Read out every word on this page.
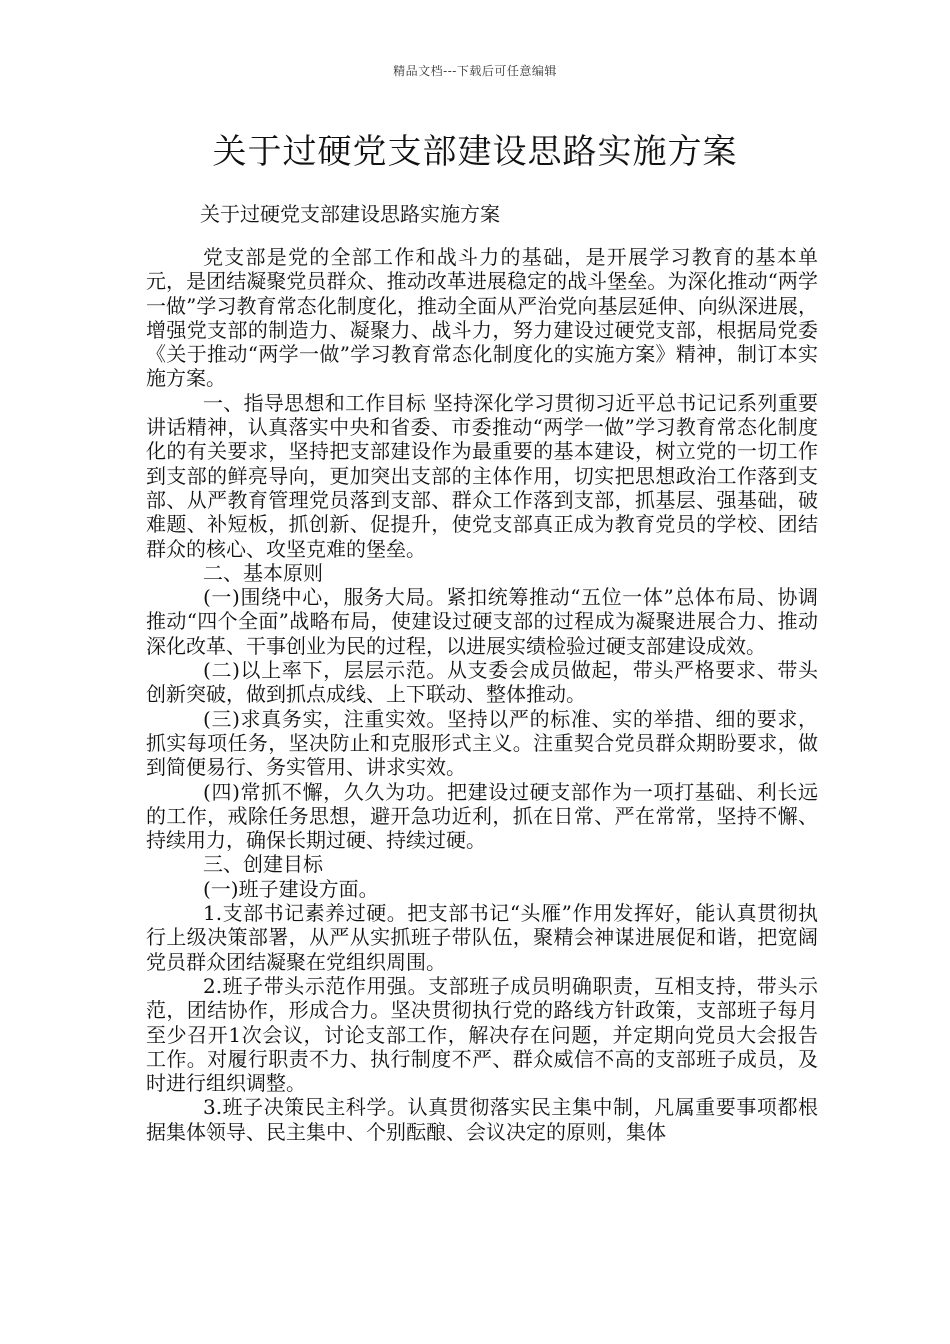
精品文档---下载后可任意编辑
关于过硬党支部建设思路实施方案

关于过硬党支部建设思路实施方案

党支部是党的全部工作和战斗力的基础，是开展学习教育的基本单元，是团结凝聚党员群众、推动改革进展稳定的战斗堡垒。为深化推动“两学一做”学习教育常态化制度化，推动全面从严治党向基层延伸、向纵深进展，增强党支部的制造力、凝聚力、战斗力，努力建设过硬党支部，根据局党委《关于推动“两学一做”学习教育常态化制度化的实施方案》精神，制订本实施方案。

一、指导思想和工作目标 坚持深化学习贯彻习近平总书记记系列重要讲话精神，认真落实中央和省委、市委推动“两学一做”学习教育常态化制度化的有关要求，坚持把支部建设作为最重要的基本建设，树立党的一切工作到支部的鲜亮导向，更加突出支部的主体作用，切实把思想政治工作落到支部、从严教育管理党员落到支部、群众工作落到支部，抓基层、强基础，破难题、补短板，抓创新、促提升，使党支部真正成为教育党员的学校、团结群众的核心、攻坚克难的堡垒。

二、基本原则

(一)围绕中心，服务大局。紧扣统筹推动“五位一体”总体布局、协调推动“四个全面”战略布局，使建设过硬支部的过程成为凝聚进展合力、推动深化改革、干事创业为民的过程，以进展实绩检验过硬支部建设成效。

(二)以上率下，层层示范。从支委会成员做起，带头严格要求、带头创新突破，做到抓点成线、上下联动、整体推动。

(三)求真务实，注重实效。坚持以严的标准、实的举措、细的要求，抓实每项任务，坚决防止和克服形式主义。注重契合党员群众期盼要求，做到简便易行、务实管用、讲求实效。

(四)常抓不懈，久久为功。把建设过硬支部作为一项打基础、利长远的工作，戒除任务思想，避开急功近利，抓在日常、严在常常，坚持不懈、持续用力，确保长期过硬、持续过硬。

三、创建目标

(一)班子建设方面。

1.支部书记素养过硬。把支部书记“头雁”作用发挥好，能认真贯彻执行上级决策部署，从严从实抓班子带队伍，聚精会神谋进展促和谐，把宽阔党员群众团结凝聚在党组织周围。

2.班子带头示范作用强。支部班子成员明确职责，互相支持，带头示范，团结协作，形成合力。坚决贯彻执行党的路线方针政策，支部班子每月至少召开1次会议，讨论支部工作，解决存在问题，并定期向党员大会报告工作。对履行职责不力、执行制度不严、群众威信不高的支部班子成员，及时进行组织调整。

3.班子决策民主科学。认真贯彻落实民主集中制，凡属重要事项都根据集体领导、民主集中、个别酝酿、会议决定的原则，集体
